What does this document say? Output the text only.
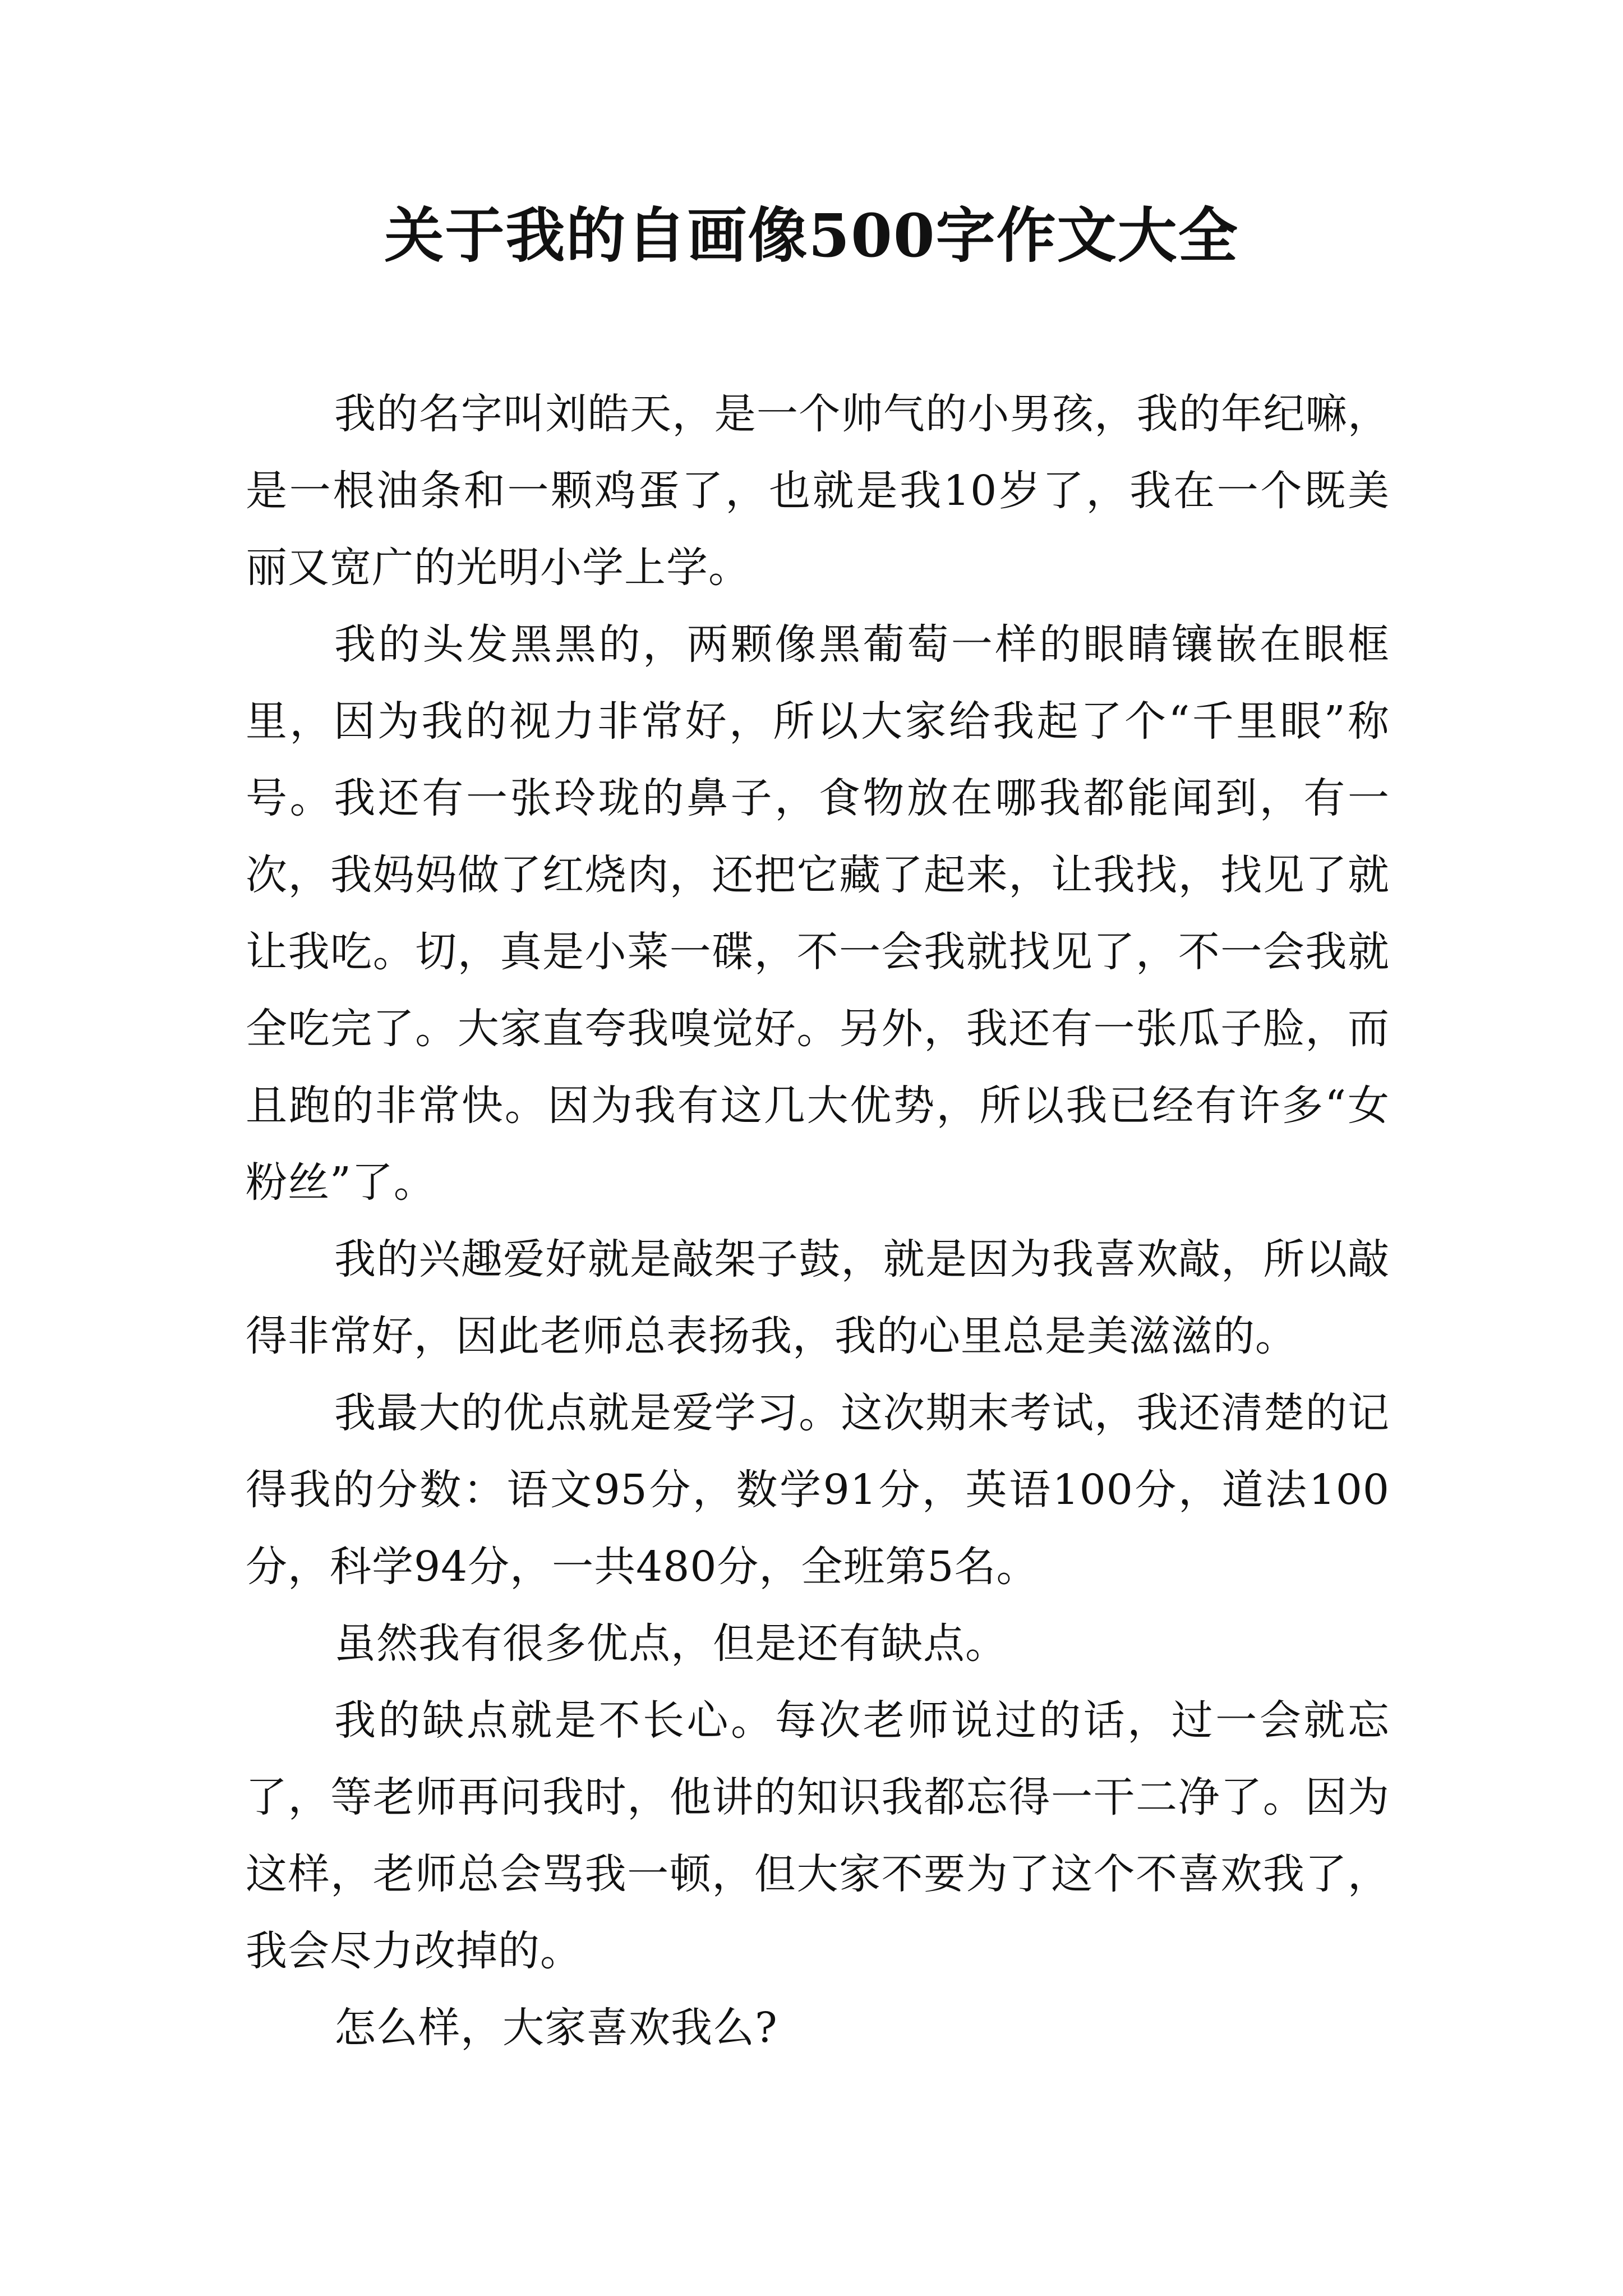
关于我的自画像500字作文大全

我的名字叫刘皓天，是一个帅气的小男孩，我的年纪嘛，是一根油条和一颗鸡蛋了，也就是我10岁了，我在一个既美丽又宽广的光明小学上学。

我的头发黑黑的，两颗像黑葡萄一样的眼睛镶嵌在眼框里，因为我的视力非常好，所以大家给我起了个“千里眼”称号。我还有一张玲珑的鼻子，食物放在哪我都能闻到，有一次，我妈妈做了红烧肉，还把它藏了起来，让我找，找见了就让我吃。切，真是小菜一碟，不一会我就找见了，不一会我就全吃完了。大家直夸我嗅觉好。另外，我还有一张瓜子脸，而且跑的非常快。因为我有这几大优势，所以我已经有许多“女粉丝”了。

我的兴趣爱好就是敲架子鼓，就是因为我喜欢敲，所以敲得非常好，因此老师总表扬我，我的心里总是美滋滋的。

我最大的优点就是爱学习。这次期末考试，我还清楚的记得我的分数：语文95分，数学91分，英语100分，道法100分，科学94分，一共480分，全班第5名。

虽然我有很多优点，但是还有缺点。

我的缺点就是不长心。每次老师说过的话，过一会就忘了，等老师再问我时，他讲的知识我都忘得一干二净了。因为这样，老师总会骂我一顿，但大家不要为了这个不喜欢我了，我会尽力改掉的。

怎么样，大家喜欢我么?
